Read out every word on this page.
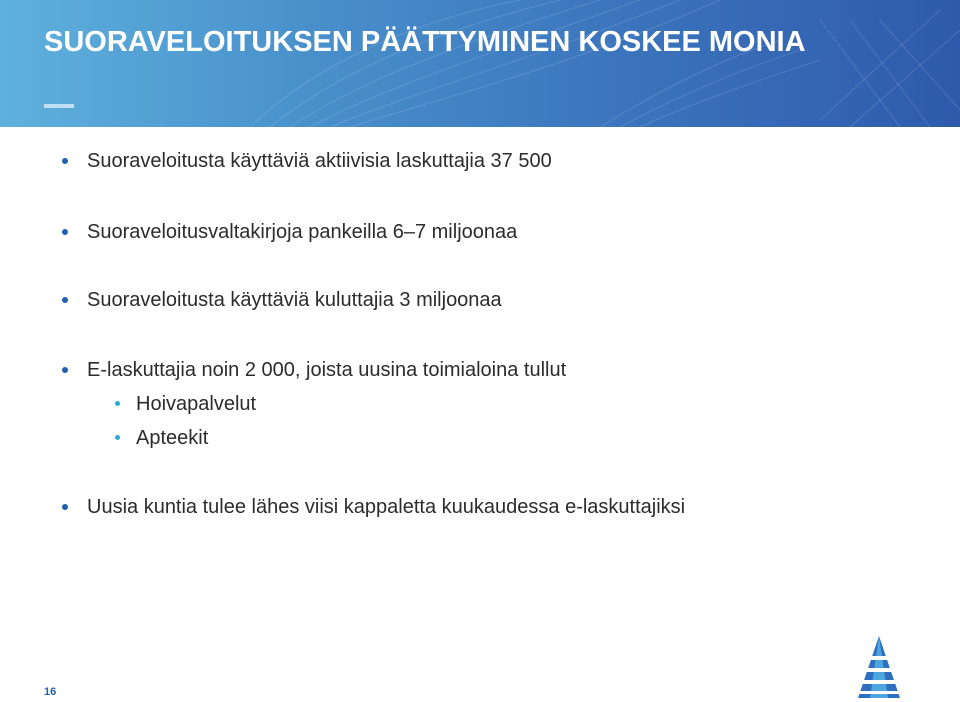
SUORAVELOITUKSEN PÄÄTTYMINEN KOSKEE MONIA
Suoraveloitusta käyttäviä aktiivisia laskuttajia 37 500
Suoraveloitusvaltakirjoja pankeilla 6–7 miljoonaa
Suoraveloitusta käyttäviä kuluttajia 3 miljoonaa
E-laskuttajia noin 2 000, joista uusina toimialoina tullut
Hoivapalvelut
Apteekit
Uusia kuntia tulee lähes viisi kappaletta kuukaudessa e-laskuttajiksi
16
